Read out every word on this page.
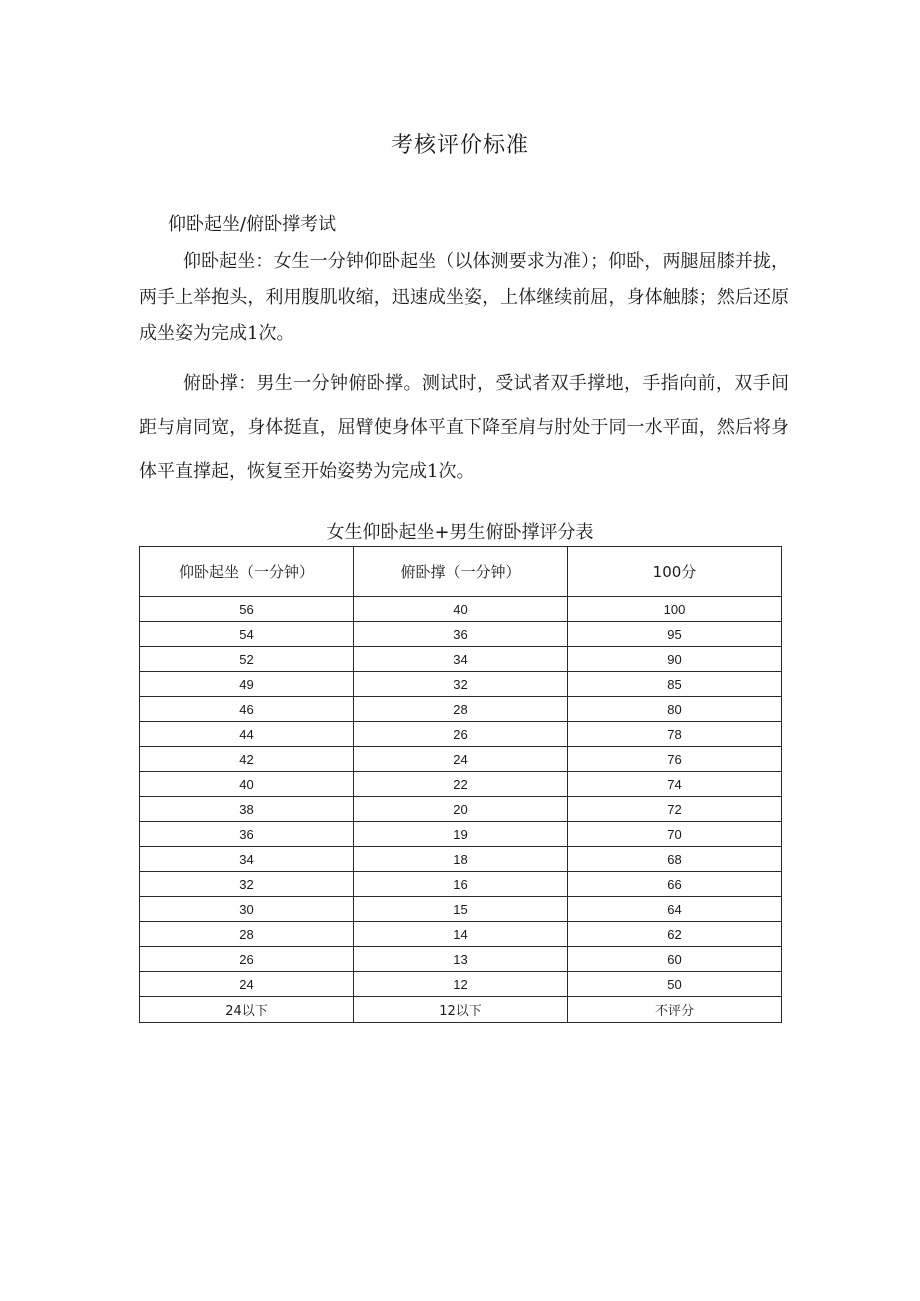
考核评价标准
仰卧起坐/俯卧撑考试

仰卧起坐：女生一分钟仰卧起坐（以体测要求为准）；仰卧，两腿屈膝并拢，两手上举抱头，利用腹肌收缩，迅速成坐姿，上体继续前屈，身体触膝；然后还原成坐姿为完成1次。

俯卧撑：男生一分钟俯卧撑。测试时，受试者双手撑地，手指向前，双手间距与肩同宽，身体挺直，屈臂使身体平直下降至肩与肘处于同一水平面，然后将身体平直撑起，恢复至开始姿势为完成1次。

女生仰卧起坐+男生俯卧撑评分表
仰卧起坐（一分钟）	俯卧撑（一分钟）	100分
56	40	100
54	36	95
52	34	90
49	32	85
46	28	80
44	26	78
42	24	76
40	22	74
38	20	72
36	19	70
34	18	68
32	16	66
30	15	64
28	14	62
26	13	60
24	12	50
24以下	12以下	不评分
